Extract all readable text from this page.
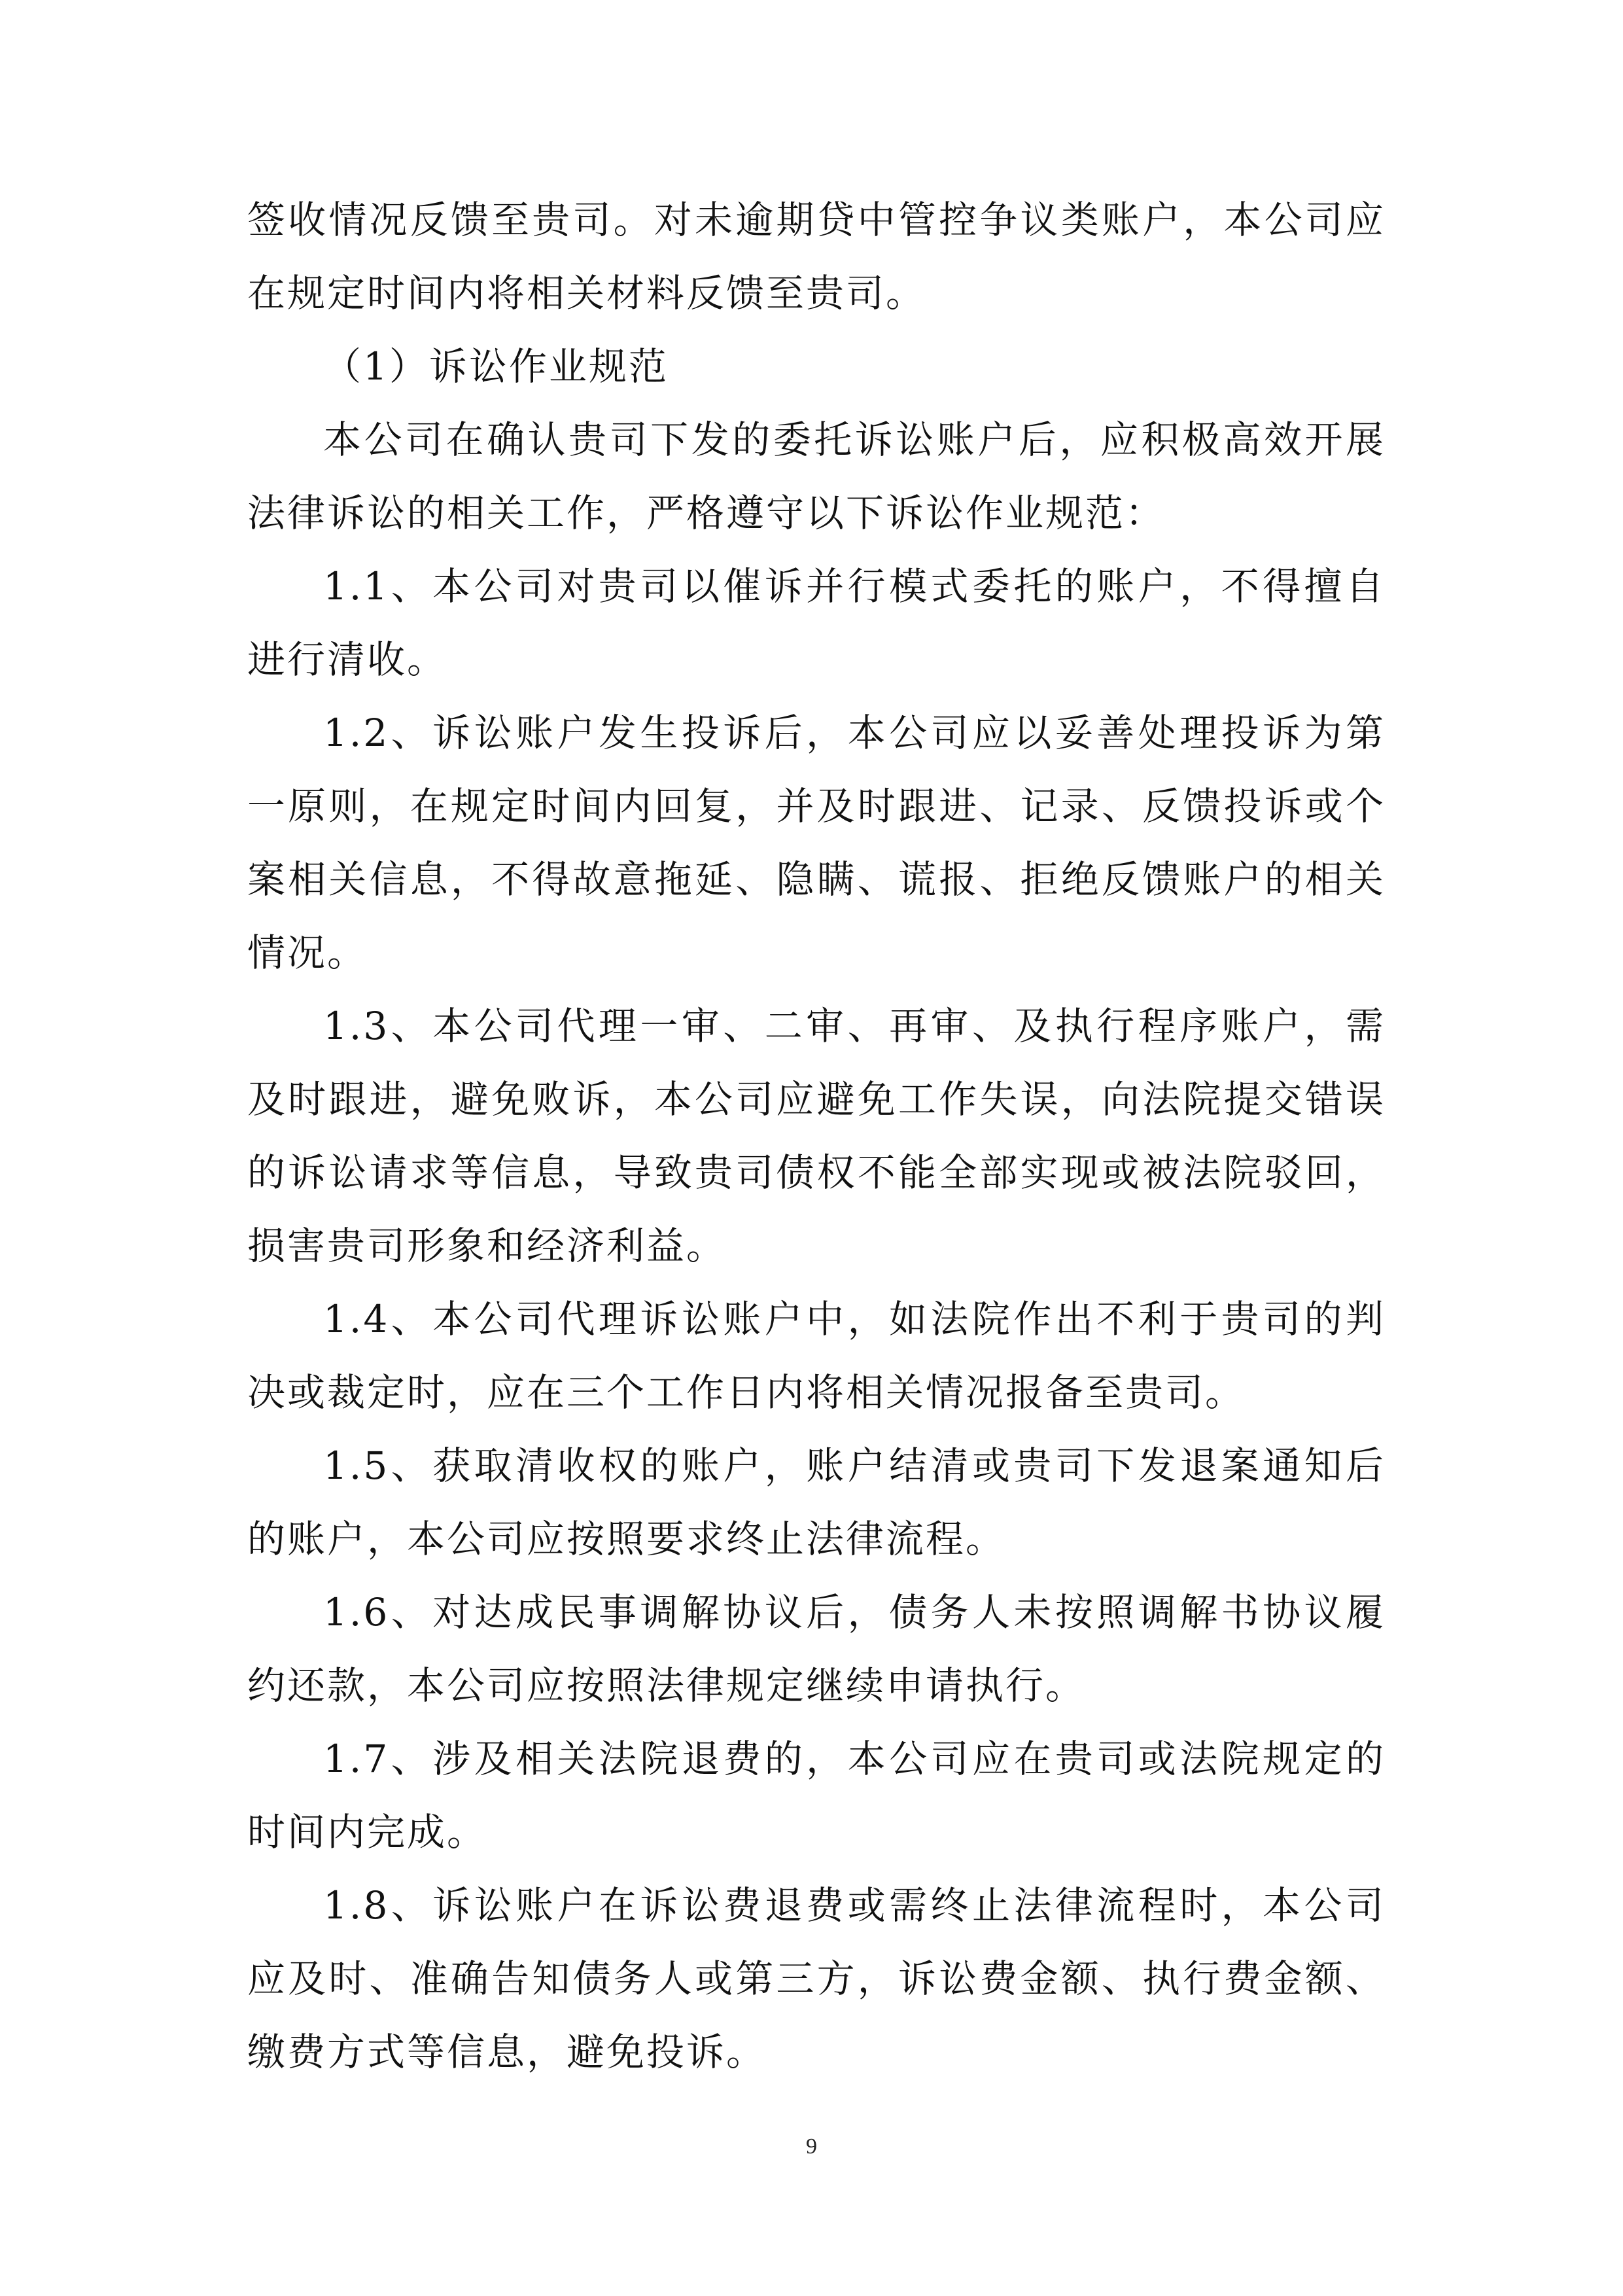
签收情况反馈至贵司。对未逾期贷中管控争议类账户，本公司应在规定时间内将相关材料反馈至贵司。

（1）诉讼作业规范

本公司在确认贵司下发的委托诉讼账户后，应积极高效开展法律诉讼的相关工作，严格遵守以下诉讼作业规范：

1.1、本公司对贵司以催诉并行模式委托的账户，不得擅自进行清收。

1.2、诉讼账户发生投诉后，本公司应以妥善处理投诉为第一原则，在规定时间内回复，并及时跟进、记录、反馈投诉或个案相关信息，不得故意拖延、隐瞒、谎报、拒绝反馈账户的相关情况。

1.3、本公司代理一审、二审、再审、及执行程序账户，需及时跟进，避免败诉，本公司应避免工作失误，向法院提交错误的诉讼请求等信息，导致贵司债权不能全部实现或被法院驳回，损害贵司形象和经济利益。

1.4、本公司代理诉讼账户中，如法院作出不利于贵司的判决或裁定时，应在三个工作日内将相关情况报备至贵司。

1.5、获取清收权的账户，账户结清或贵司下发退案通知后的账户，本公司应按照要求终止法律流程。

1.6、对达成民事调解协议后，债务人未按照调解书协议履约还款，本公司应按照法律规定继续申请执行。

1.7、涉及相关法院退费的，本公司应在贵司或法院规定的时间内完成。

1.8、诉讼账户在诉讼费退费或需终止法律流程时，本公司应及时、准确告知债务人或第三方，诉讼费金额、执行费金额、缴费方式等信息，避免投诉。

9
